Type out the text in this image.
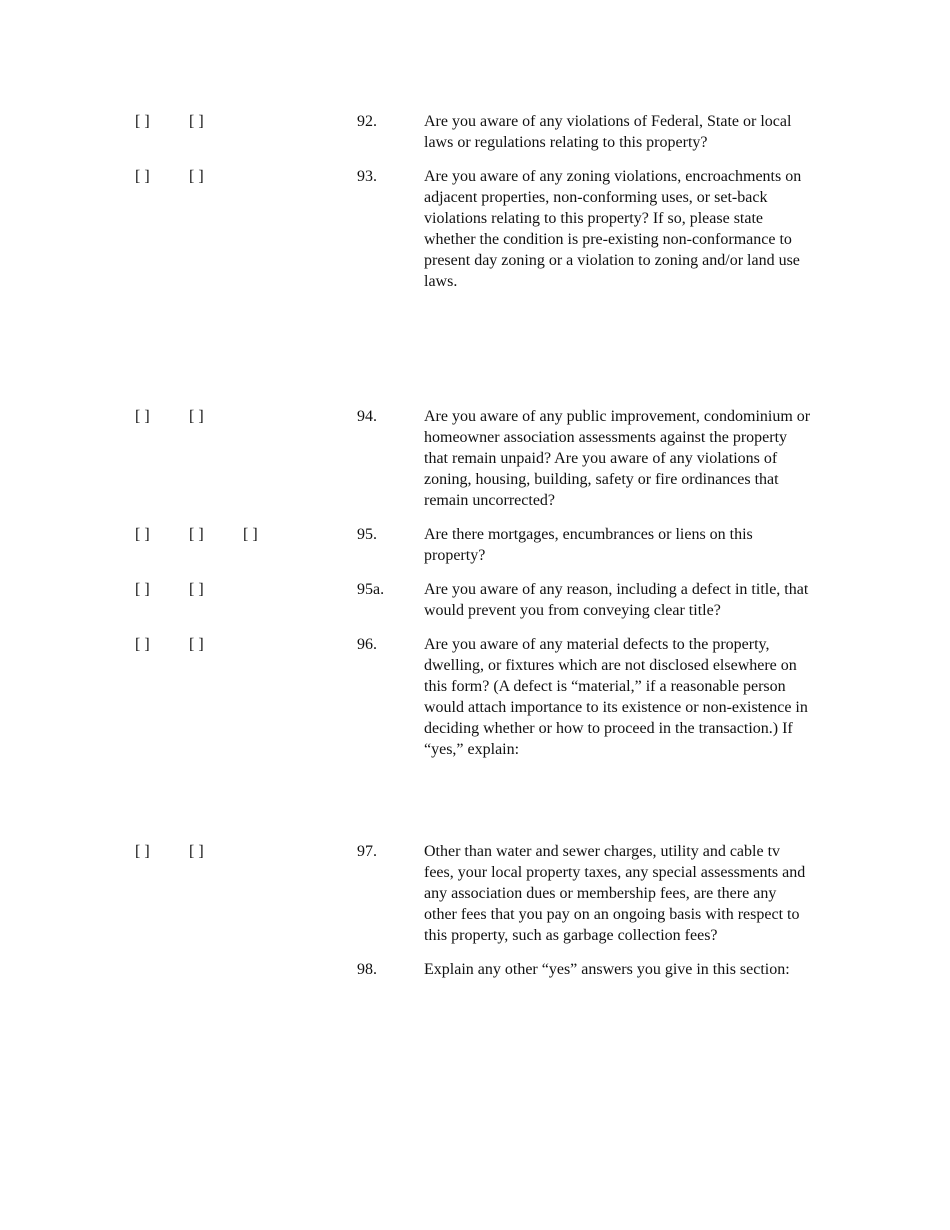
[ ] [ ]	92.	Are you aware of any violations of Federal, State or local
laws or regulations relating to this property?
[ ] [ ]	93.	Are you aware of any zoning violations, encroachments on
adjacent properties, non-conforming uses, or set-back
violations relating to this property? If so, please state
whether the condition is pre-existing non-conformance to
present day zoning or a violation to zoning and/or land use
laws.
[ ] [ ]	94.	Are you aware of any public improvement, condominium or
homeowner association assessments against the property
that remain unpaid? Are you aware of any violations of
zoning, housing, building, safety or fire ordinances that
remain uncorrected?
[ ] [ ] [ ]	95.	Are there mortgages, encumbrances or liens on this
property?
[ ] [ ]	95a. Are you aware of any reason, including a defect in title, that
would prevent you from conveying clear title?
[ ] [ ]	96.	Are you aware of any material defects to the property,
dwelling, or fixtures which are not disclosed elsewhere on
this form? (A defect is “material,” if a reasonable person
would attach importance to its existence or non-existence in
deciding whether or how to proceed in the transaction.) If
“yes,” explain:
[ ] [ ]	97.	Other than water and sewer charges, utility and cable tv
fees, your local property taxes, any special assessments and
any association dues or membership fees, are there any
other fees that you pay on an ongoing basis with respect to
this property, such as garbage collection fees?
98.	Explain any other “yes” answers you give in this section:
